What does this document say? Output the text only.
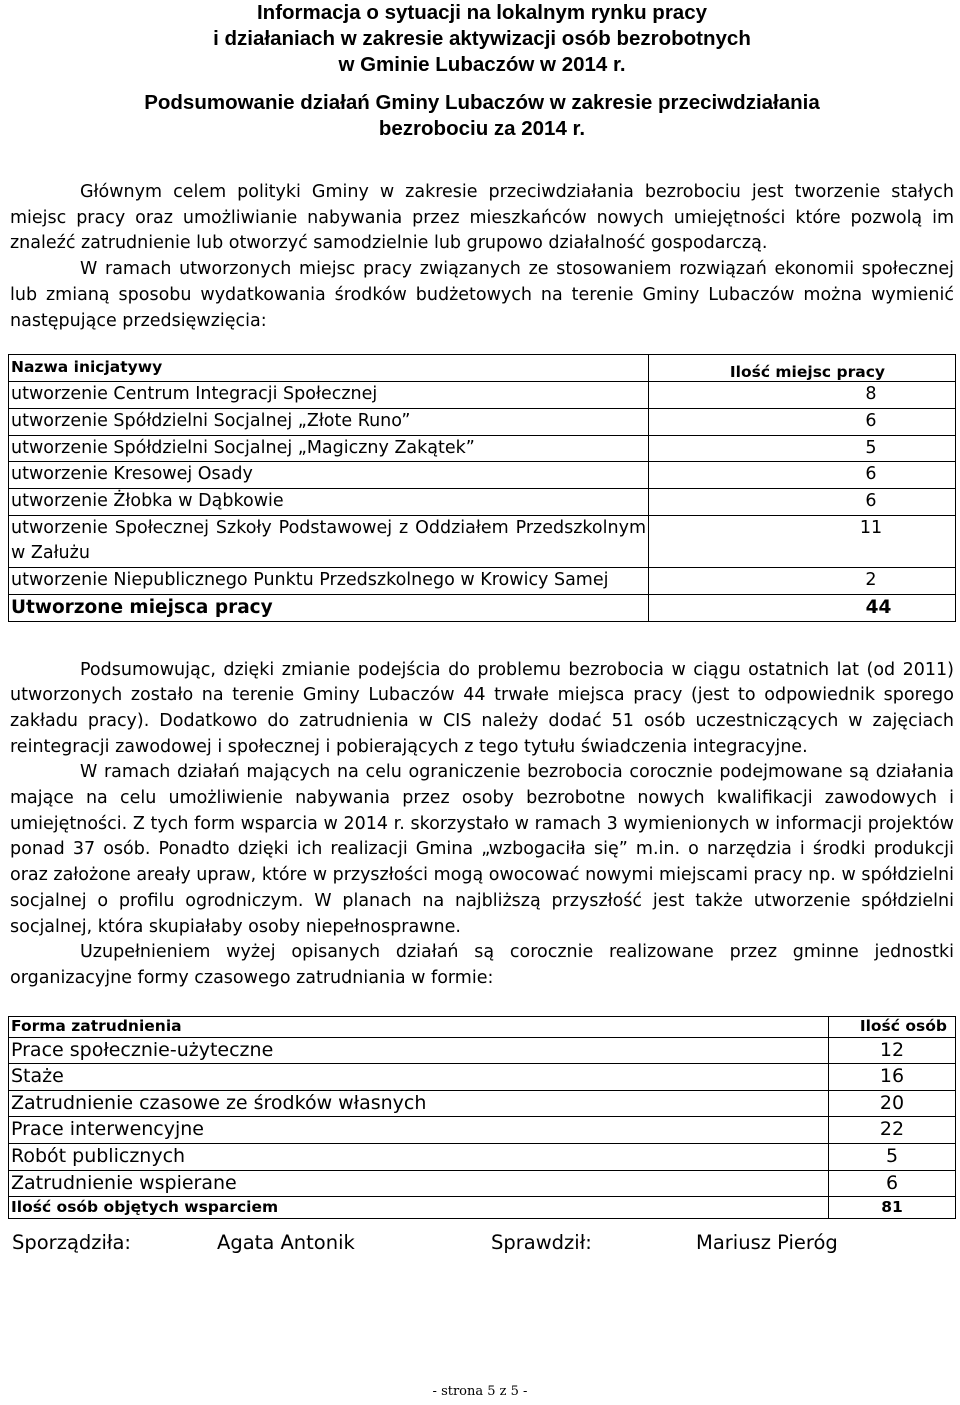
Informacja o sytuacji na lokalnym rynku pracy
i działaniach w zakresie aktywizacji osób bezrobotnych
w Gminie Lubaczów w 2014 r.
Podsumowanie działań Gminy Lubaczów w zakresie przeciwdziałania
bezrobociu za 2014 r.

Głównym celem polityki Gminy w zakresie przeciwdziałania bezrobociu jest tworzenie stałych miejsc pracy oraz umożliwianie nabywania przez mieszkańców nowych umiejętności które pozwolą im znaleźć zatrudnienie lub otworzyć samodzielnie lub grupowo działalność gospodarczą.

W ramach utworzonych miejsc pracy związanych ze stosowaniem rozwiązań ekonomii społecznej lub zmianą sposobu wydatkowania środków budżetowych na terenie Gminy Lubaczów można wymienić następujące przedsięwzięcia:

Nazwa inicjatywy	Ilość miejsc pracy
utworzenie Centrum Integracji Społecznej	8
utworzenie Spółdzielni Socjalnej „Złote Runo”	6
utworzenie Spółdzielni Socjalnej „Magiczny Zakątek”	5
utworzenie Kresowej Osady	6
utworzenie Żłobka w Dąbkowie	6
utworzenie Społecznej Szkoły Podstawowej z Oddziałem Przedszkolnym w Załużu	11
utworzenie Niepublicznego Punktu Przedszkolnego w Krowicy Samej	2
Utworzone miejsca pracy	44

Podsumowując, dzięki zmianie podejścia do problemu bezrobocia w ciągu ostatnich lat (od 2011) utworzonych zostało na terenie Gminy Lubaczów 44 trwałe miejsca pracy (jest to odpowiednik sporego zakładu pracy). Dodatkowo do zatrudnienia w CIS należy dodać 51 osób uczestniczących w zajęciach reintegracji zawodowej i społecznej i pobierających z tego tytułu świadczenia integracyjne.

W ramach działań mających na celu ograniczenie bezrobocia corocznie podejmowane są działania mające na celu umożliwienie nabywania przez osoby bezrobotne nowych kwalifikacji zawodowych i umiejętności. Z tych form wsparcia w 2014 r. skorzystało w ramach 3 wymienionych w informacji projektów ponad 37 osób. Ponadto dzięki ich realizacji Gmina „wzbogaciła się” m.in. o narzędzia i środki produkcji oraz założone areały upraw, które w przyszłości mogą owocować nowymi miejscami pracy np. w spółdzielni socjalnej o profilu ogrodniczym. W planach na najbliższą przyszłość jest także utworzenie spółdzielni socjalnej, która skupiałaby osoby niepełnosprawne.

Uzupełnieniem wyżej opisanych działań są corocznie realizowane przez gminne jednostki organizacyjne formy czasowego zatrudniania w formie:

Forma zatrudnienia	Ilość osób
Prace społecznie-użyteczne	12
Staże	16
Zatrudnienie czasowe ze środków własnych	20
Prace interwencyjne	22
Robót publicznych	5
Zatrudnienie wspierane	6
Ilość osób objętych wsparciem	81
Sporządziła:	Agata Antonik	Sprawdził:	Mariusz Pieróg
- strona 5 z 5 -
